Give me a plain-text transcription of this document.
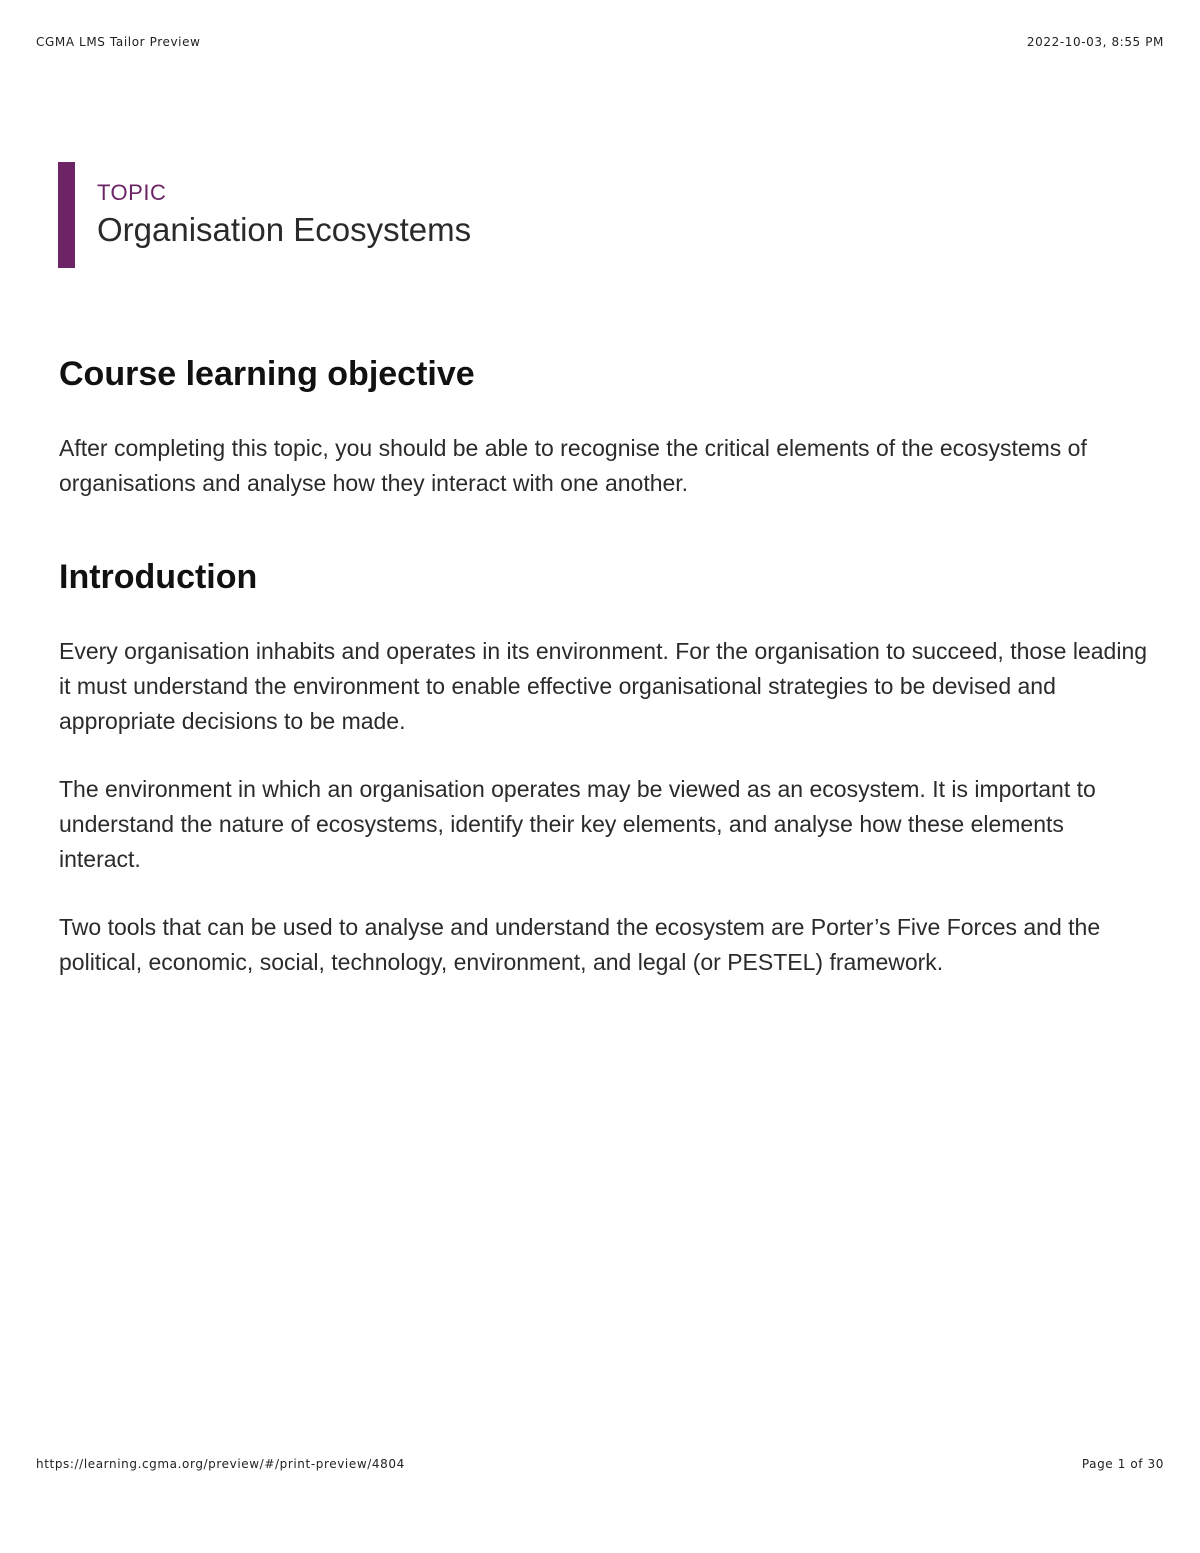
CGMA LMS Tailor Preview	2022-10-03, 8:55 PM
TOPIC
Organisation Ecosystems
Course learning objective

After completing this topic, you should be able to recognise the critical elements of the ecosystems of organisations and analyse how they interact with one another.

Introduction

Every organisation inhabits and operates in its environment. For the organisation to succeed, those leading it must understand the environment to enable effective organisational strategies to be devised and appropriate decisions to be made.

The environment in which an organisation operates may be viewed as an ecosystem. It is important to understand the nature of ecosystems, identify their key elements, and analyse how these elements interact.

Two tools that can be used to analyse and understand the ecosystem are Porter’s Five Forces and the political, economic, social, technology, environment, and legal (or PESTEL) framework.

https://learning.cgma.org/preview/#/print-preview/4804	Page 1 of 30
